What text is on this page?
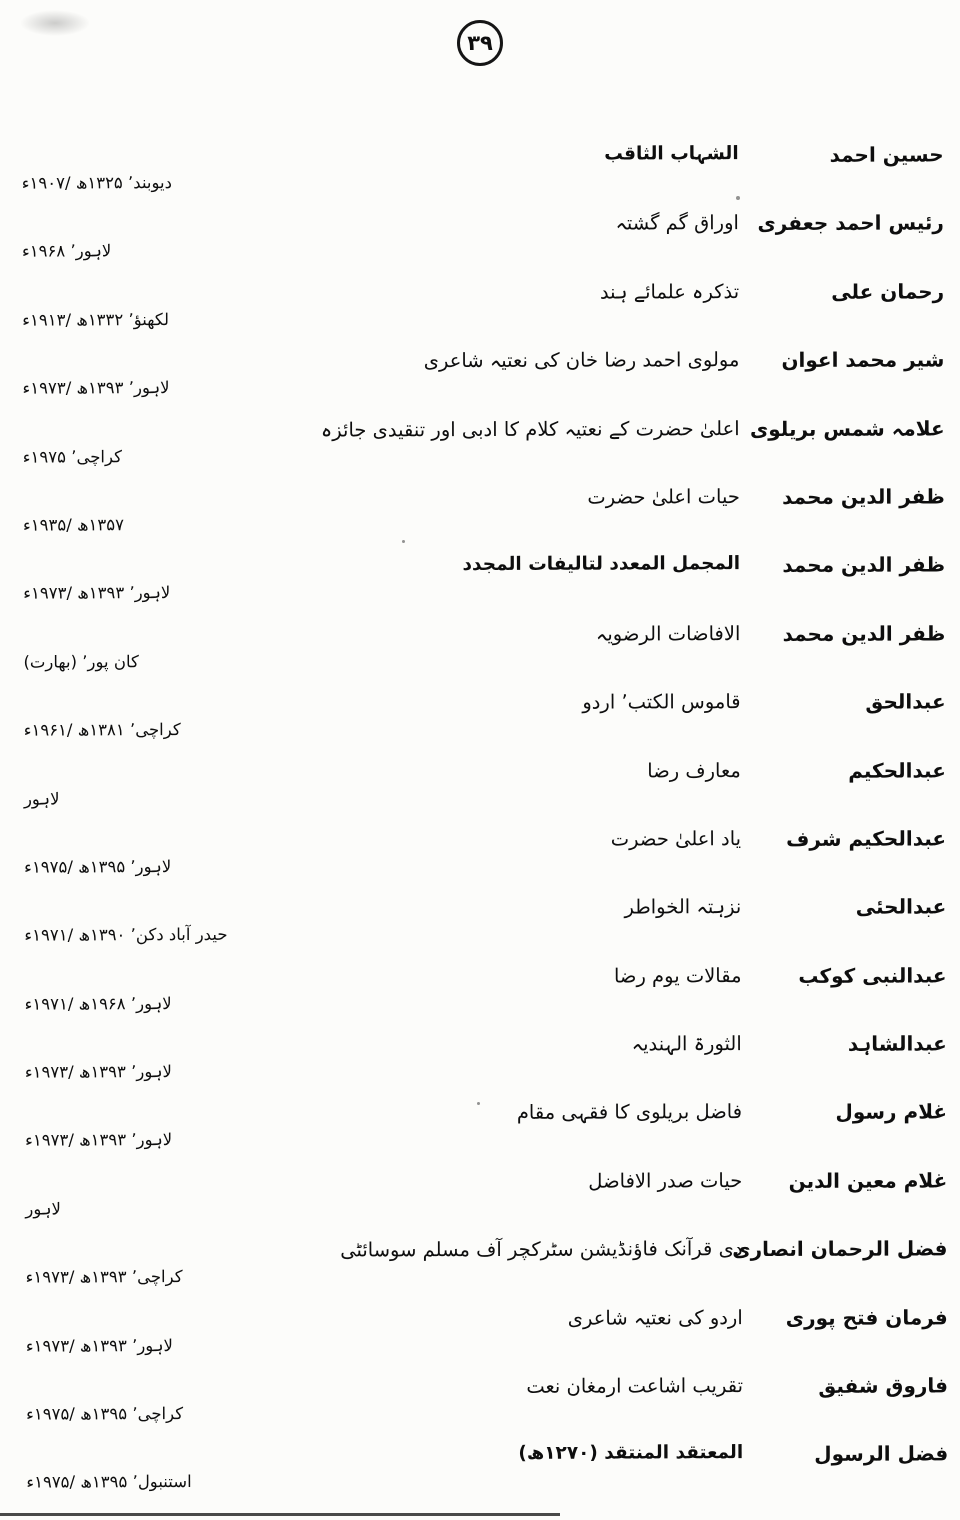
۳۹
حسین احمد
الشہاب الثاقب
دیوبند’ ۱۳۲۵ھ /۱۹۰۷ء
رئیس احمد جعفری
اوراق گم گشتہ
لاہور’ ۱۹۶۸ء
رحمان علی
تذکرہ علمائے ہند
لکھنؤ’ ۱۳۳۲ھ /۱۹۱۳ء
شیر محمد اعوان
مولوی احمد رضا خان کی نعتیہ شاعری
لاہور’ ۱۳۹۳ھ /۱۹۷۳ء
علامہ شمس بریلوی
اعلیٰ حضرت کے نعتیہ کلام کا ادبی اور تنقیدی جائزہ
کراچی’ ۱۹۷۵ء
ظفر الدین محمد
حیات اعلیٰ حضرت
۱۳۵۷ھ /۱۹۳۵ء
ظفر الدین محمد
المجمل المعدد لتالیفات المجدد
لاہور’ ۱۳۹۳ھ /۱۹۷۳ء
ظفر الدین محمد
الافاضات الرضویہ
کان پور’ (بھارت)
عبدالحق
قاموس الکتب’ اردو
کراچی’ ۱۳۸۱ھ /۱۹۶۱ء
عبدالحکیم
معارف رضا
لاہور
عبدالحکیم شرف
یاد اعلیٰ حضرت
لاہور’ ۱۳۹۵ھ /۱۹۷۵ء
عبدالحئی
نزہتہ الخواطر
حیدر آباد دکن’ ۱۳۹۰ھ /۱۹۷۱ء
عبدالنبی کوکب
مقالات یوم رضا
لاہور’ ۱۹۶۸ھ /۱۹۷۱ء
عبدالشاہد
الثورۃ الہندیہ
لاہور’ ۱۳۹۳ھ /۱۹۷۳ء
غلام رسول
فاضل بریلوی کا فقہی مقام
لاہور’ ۱۳۹۳ھ /۱۹۷۳ء
غلام معین الدین
حیات صدر الافاضل
لاہور
فضل الرحمان انصاری
دی قرآنک فاؤنڈیشن سٹرکچر آف مسلم سوسائٹی
کراچی’ ۱۳۹۳ھ /۱۹۷۳ء
فرمان فتح پوری
اردو کی نعتیہ شاعری
لاہور’ ۱۳۹۳ھ /۱۹۷۳ء
فاروق شفیق
تقریب اشاعت ارمغان نعت
کراچی’ ۱۳۹۵ھ /۱۹۷۵ء
فضل الرسول
المعتقد المنتقد (۱۲۷۰ھ)
استنبول’ ۱۳۹۵ھ /۱۹۷۵ء
